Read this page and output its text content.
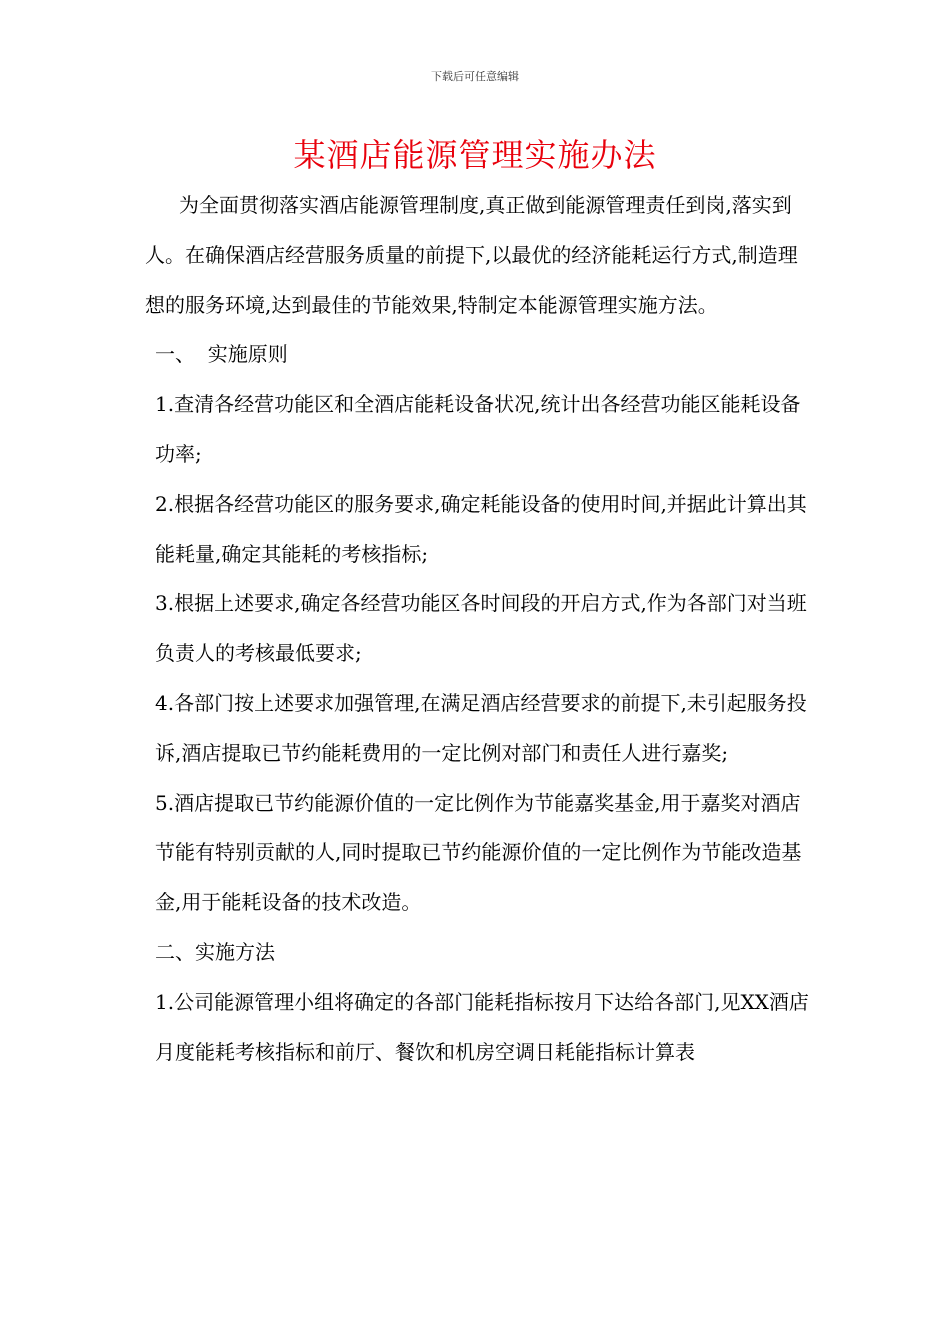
下载后可任意编辑
某酒店能源管理实施办法

为全面贯彻落实酒店能源管理制度,真正做到能源管理责任到岗,落实到人。在确保酒店经营服务质量的前提下,以最优的经济能耗运行方式,制造理想的服务环境,达到最佳的节能效果,特制定本能源管理实施方法。

一、  实施原则

1.查清各经营功能区和全酒店能耗设备状况,统计出各经营功能区能耗设备功率;

2.根据各经营功能区的服务要求,确定耗能设备的使用时间,并据此计算出其能耗量,确定其能耗的考核指标;

3.根据上述要求,确定各经营功能区各时间段的开启方式,作为各部门对当班负责人的考核最低要求;

4.各部门按上述要求加强管理,在满足酒店经营要求的前提下,未引起服务投诉,酒店提取已节约能耗费用的一定比例对部门和责任人进行嘉奖;

5.酒店提取已节约能源价值的一定比例作为节能嘉奖基金,用于嘉奖对酒店节能有特别贡献的人,同时提取已节约能源价值的一定比例作为节能改造基金,用于能耗设备的技术改造。

二、实施方法

1.公司能源管理小组将确定的各部门能耗指标按月下达给各部门,见XX酒店月度能耗考核指标和前厅、餐饮和机房空调日耗能指标计算表
